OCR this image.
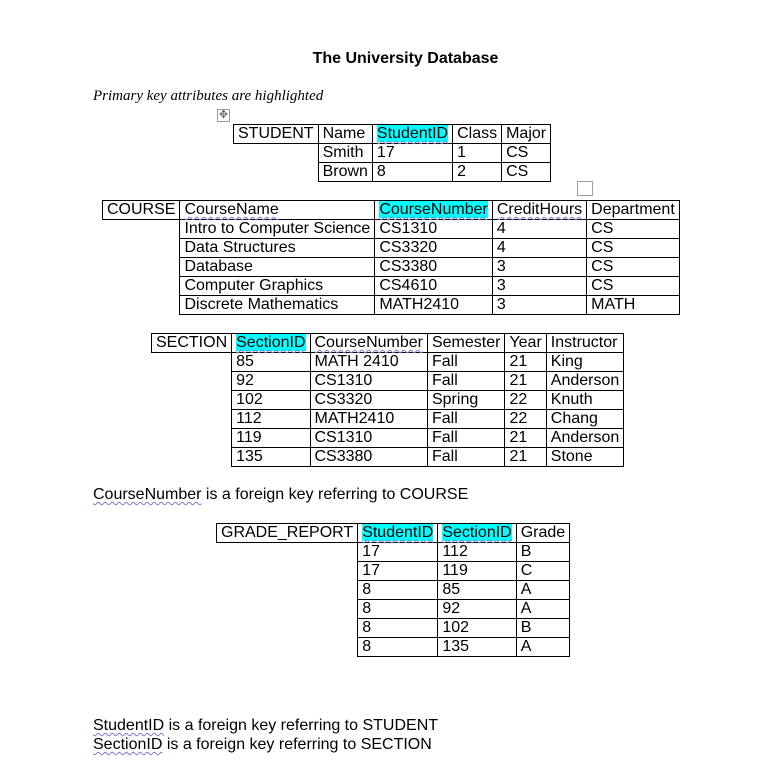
The University Database
Primary key attributes are highlighted
✥
STUDENT	Name	StudentID	Class	Major
	Smith	17	1	CS
	Brown	8	2	CS
COURSE	CourseName	CourseNumber	CreditHours	Department
	Intro to Computer Science	CS1310	4	CS
	Data Structures	CS3320	4	CS
	Database	CS3380	3	CS
	Computer Graphics	CS4610	3	CS
	Discrete Mathematics	MATH2410	3	MATH
SECTION	SectionID	CourseNumber	Semester	Year	Instructor
	85	MATH 2410	Fall	21	King
	92	CS1310	Fall	21	Anderson
	102	CS3320	Spring	22	Knuth
	112	MATH2410	Fall	22	Chang
	119	CS1310	Fall	21	Anderson
	135	CS3380	Fall	21	Stone
CourseNumber is a foreign key referring to COURSE
GRADE_REPORT	StudentID	SectionID	Grade
	17	112	B
	17	119	C
	8	85	A
	8	92	A
	8	102	B
	8	135	A
StudentID is a foreign key referring to STUDENT
SectionID is a foreign key referring to SECTION
